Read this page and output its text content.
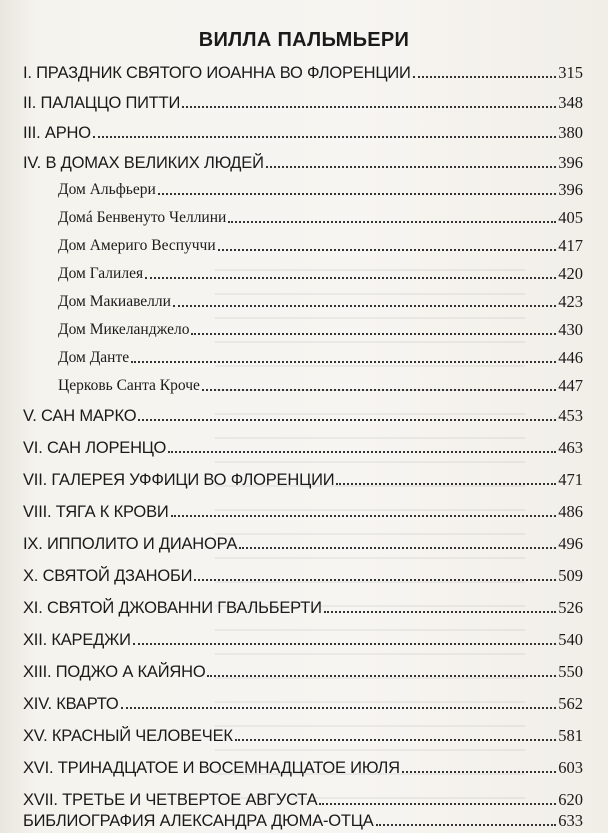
ВИЛЛА ПАЛЬМЬЕРИ
I. ПРАЗДНИК СВЯТОГО ИОАННА ВО ФЛОРЕНЦИИ	315
II. ПАЛАЦЦО ПИТТИ	348
III. АРНО	380
IV. В ДОМАХ ВЕЛИКИХ ЛЮДЕЙ	396
Дом Альфьери	396
Домá Бенвенуто Челлини	405
Дом Америго Веспуччи	417
Дом Галилея	420
Дом Макиавелли	423
Дом Микеланджело	430
Дом Данте	446
Церковь Санта Кроче	447
V. САН МАРКО	453
VI. САН ЛОРЕНЦО	463
VII. ГАЛЕРЕЯ УФФИЦИ ВО ФЛОРЕНЦИИ	471
VIII. ТЯГА К КРОВИ	486
IX. ИППОЛИТО И ДИАНОРА	496
X. СВЯТОЙ ДЗАНОБИ	509
XI. СВЯТОЙ ДЖОВАННИ ГВАЛЬБЕРТИ	526
XII. КАРЕДЖИ	540
XIII. ПОДЖО А КАЙЯНО	550
XIV. КВАРТО	562
XV. КРАСНЫЙ ЧЕЛОВЕЧЕК	581
XVI. ТРИНАДЦАТОЕ И ВОСЕМНАДЦАТОЕ ИЮЛЯ	603
XVII. ТРЕТЬЕ И ЧЕТВЕРТОЕ АВГУСТА	620
БИБЛИОГРАФИЯ АЛЕКСАНДРА ДЮМА-ОТЦА	633
